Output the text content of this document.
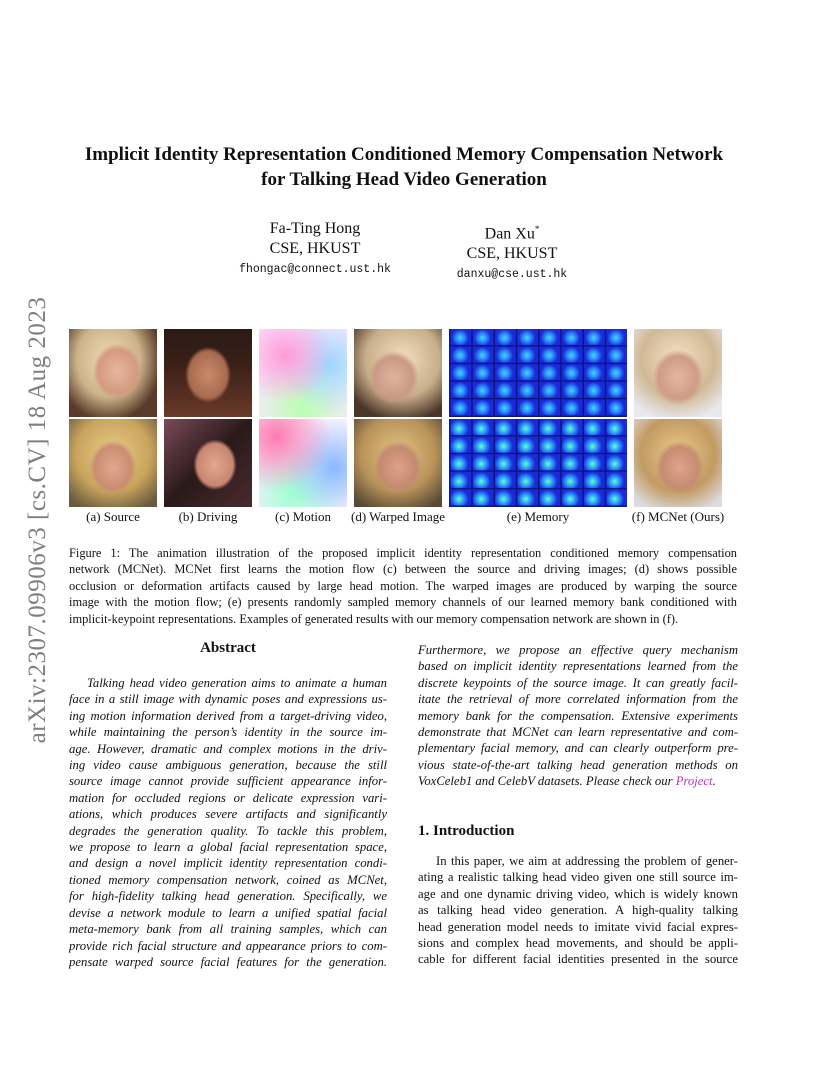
arXiv:2307.09906v3 [cs.CV] 18 Aug 2023
Implicit Identity Representation Conditioned Memory Compensation Network
for Talking Head Video Generation
Fa-Ting Hong
CSE, HKUST
fhongac@connect.ust.hk
Dan Xu*
CSE, HKUST
danxu@cse.ust.hk
(a) Source	(b) Driving	(c) Motion	(d) Warped Image	(e) Memory	(f) MCNet (Ours)
Figure 1: The animation illustration of the proposed implicit identity representation conditioned memory compensation
network (MCNet). MCNet first learns the motion flow (c) between the source and driving images; (d) shows possible
occlusion or deformation artifacts caused by large head motion. The warped images are produced by warping the source
image with the motion flow; (e) presents randomly sampled memory channels of our learned memory bank conditioned with
implicit-keypoint representations. Examples of generated results with our memory compensation network are shown in (f).
Abstract
Talking head video generation aims to animate a human
face in a still image with dynamic poses and expressions us-
ing motion information derived from a target-driving video,
while maintaining the person’s identity in the source im-
age. However, dramatic and complex motions in the driv-
ing video cause ambiguous generation, because the still
source image cannot provide sufficient appearance infor-
mation for occluded regions or delicate expression vari-
ations, which produces severe artifacts and significantly
degrades the generation quality. To tackle this problem,
we propose to learn a global facial representation space,
and design a novel implicit identity representation condi-
tioned memory compensation network, coined as MCNet,
for high-fidelity talking head generation. Specifically, we
devise a network module to learn a unified spatial facial
meta-memory bank from all training samples, which can
provide rich facial structure and appearance priors to com-
pensate warped source facial features for the generation.
Furthermore, we propose an effective query mechanism
based on implicit identity representations learned from the
discrete keypoints of the source image. It can greatly facil-
itate the retrieval of more correlated information from the
memory bank for the compensation. Extensive experiments
demonstrate that MCNet can learn representative and com-
plementary facial memory, and can clearly outperform pre-
vious state-of-the-art talking head generation methods on
VoxCeleb1 and CelebV datasets. Please check our Project.
1. Introduction
In this paper, we aim at addressing the problem of gener-
ating a realistic talking head video given one still source im-
age and one dynamic driving video, which is widely known
as talking head video generation. A high-quality talking
head generation model needs to imitate vivid facial expres-
sions and complex head movements, and should be appli-
cable for different facial identities presented in the source
